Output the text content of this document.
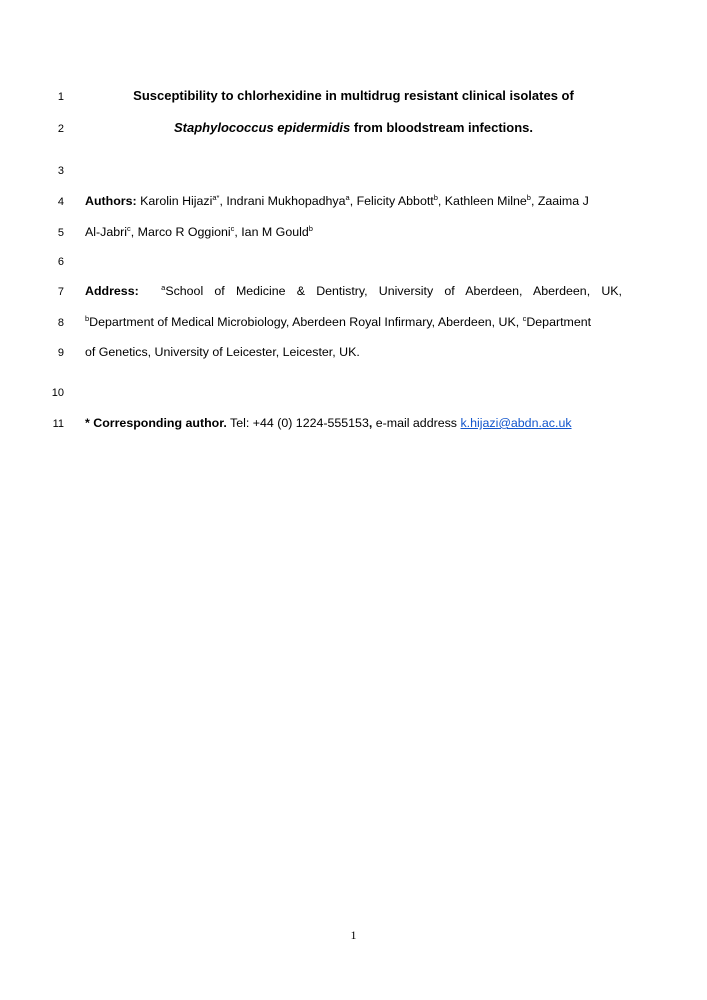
1
2
3
4
5
6
7
8
9
10
11
Susceptibility to chlorhexidine in multidrug resistant clinical isolates of
Staphylococcus epidermidis from bloodstream infections.
Authors: Karolin Hijazi$^{a*}$, Indrani Mukhopadhya$^a$, Felicity Abbott$^b$, Kathleen Milne$^b$, Zaaima J
Al-Jabri$^c$, Marco R Oggioni$^c$, Ian M Gould$^b$
Address:	$^a$School of Medicine & Dentistry, University of Aberdeen, Aberdeen, UK,
$^b$Department of Medical Microbiology, Aberdeen Royal Infirmary, Aberdeen, UK, $^c$Department
of Genetics, University of Leicester, Leicester, UK.
* Corresponding author. Tel: +44 (0) 1224-555153, e-mail address k.hijazi@abdn.ac.uk
1
